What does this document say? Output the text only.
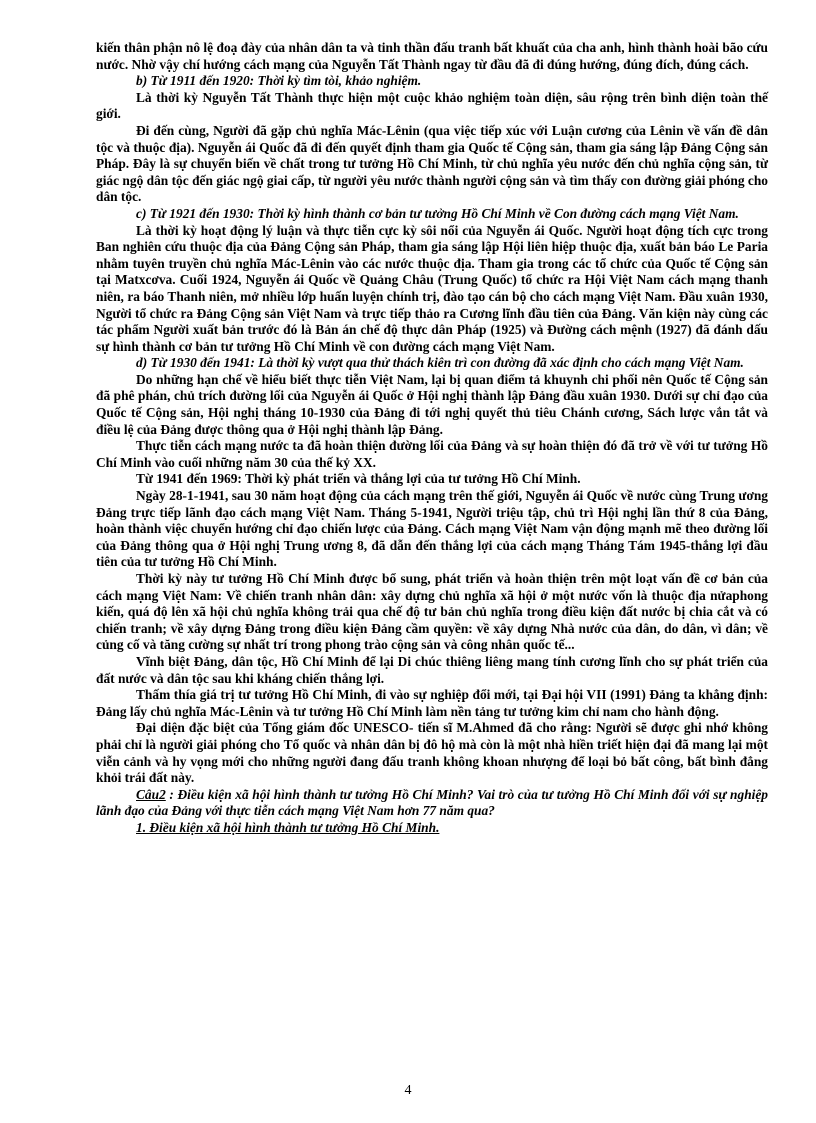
kiến thân phận nô lệ đoạ đày của nhân dân ta và tinh thần đấu tranh bất khuất của cha anh, hình thành hoài bão cứu nước. Nhờ vậy chí hướng cách mạng của Nguyễn Tất Thành ngay từ đầu đã đi đúng hướng, đúng đích, đúng cách.

b) Từ 1911 đến 1920: Thời kỳ tìm tòi, khảo nghiệm.

Là thời kỳ Nguyễn Tất Thành thực hiện một cuộc khảo nghiệm toàn diện, sâu rộng trên bình diện toàn thế giới.

Đi đến cùng, Người đã gặp chủ nghĩa Mác-Lênin (qua việc tiếp xúc với Luận cương của Lênin về vấn đề dân tộc và thuộc địa). Nguyễn ái Quốc đã đi đến quyết định tham gia Quốc tế Cộng sản, tham gia sáng lập Đảng Cộng sản Pháp. Đây là sự chuyển biến về chất trong tư tưởng Hồ Chí Minh, từ chủ nghĩa yêu nước đến chủ nghĩa cộng sản, từ giác ngộ dân tộc đến giác ngộ giai cấp, từ người yêu nước thành người cộng sản và tìm thấy con đường giải phóng cho dân tộc.

c) Từ 1921 đến 1930: Thời kỳ hình thành cơ bản tư tưởng Hồ Chí Minh về Con đường cách mạng Việt Nam.

Là thời kỳ hoạt động lý luận và thực tiễn cực kỳ sôi nổi của Nguyễn ái Quốc. Người hoạt động tích cực trong Ban nghiên cứu thuộc địa của Đảng Cộng sản Pháp, tham gia sáng lập Hội liên hiệp thuộc địa, xuất bản báo Le Paria nhằm tuyên truyền chủ nghĩa Mác-Lênin vào các nước thuộc địa. Tham gia trong các tổ chức của Quốc tế Cộng sản tại Matxcơva. Cuối 1924, Nguyễn ái Quốc về Quảng Châu (Trung Quốc) tổ chức ra Hội Việt Nam cách mạng thanh niên, ra báo Thanh niên, mở nhiều lớp huấn luyện chính trị, đào tạo cán bộ cho cách mạng Việt Nam. Đầu xuân 1930, Người tổ chức ra Đảng Cộng sản Việt Nam và trực tiếp thảo ra Cương lĩnh đầu tiên của Đảng. Văn kiện này cùng các tác phẩm Người xuất bản trước đó là Bản án chế độ thực dân Pháp (1925) và Đường cách mệnh (1927) đã đánh dấu sự hình thành cơ bản tư tưởng Hồ Chí Minh về con đường cách mạng Việt Nam.

d) Từ 1930 đến 1941: Là thời kỳ vượt qua thử thách kiên trì con đường đã xác định cho cách mạng Việt Nam.

Do những hạn chế về hiểu biết thực tiễn Việt Nam, lại bị quan điểm tả khuynh chi phối nên Quốc tế Cộng sản đã phê phán, chủ trích đường lối của Nguyễn ái Quốc ở Hội nghị thành lập Đảng đầu xuân 1930. Dưới sự chỉ đạo của Quốc tế Cộng sản, Hội nghị tháng 10-1930 của Đảng đi tới nghị quyết thủ tiêu Chánh cương, Sách lược vắn tắt và điều lệ của Đảng được thông qua ở Hội nghị thành lập Đảng.

Thực tiễn cách mạng nước ta đã hoàn thiện đường lối của Đảng và sự hoàn thiện đó đã trở về với tư tưởng Hồ Chí Minh vào cuối những năm 30 của thế kỷ XX.

Từ 1941 đến 1969: Thời kỳ phát triển và thắng lợi của tư tưởng Hồ Chí Minh.

Ngày 28-1-1941, sau 30 năm hoạt động của cách mạng trên thế giới, Nguyễn ái Quốc về nước cùng Trung ương Đảng trực tiếp lãnh đạo cách mạng Việt Nam. Tháng 5-1941, Người triệu tập, chủ trì Hội nghị lần thứ 8 của Đảng, hoàn thành việc chuyển hướng chỉ đạo chiến lược của Đảng. Cách mạng Việt Nam vận động mạnh mẽ theo đường lối của Đảng thông qua ở Hội nghị Trung ương 8, đã dẫn đến thắng lợi của cách mạng Tháng Tám 1945-thắng lợi đầu tiên của tư tưởng Hồ Chí Minh.

Thời kỳ này tư tưởng Hồ Chí Minh được bổ sung, phát triển và hoàn thiện trên một loạt vấn đề cơ bản của cách mạng Việt Nam: Về chiến tranh nhân dân: xây dựng chủ nghĩa xã hội ở một nước vốn là thuộc địa nửaphong kiến, quá độ lên xã hội chủ nghĩa không trải qua chế độ tư bản chủ nghĩa trong điều kiện đất nước bị chia cắt và có chiến tranh; về xây dựng Đảng trong điều kiện Đảng cầm quyền: về xây dựng Nhà nước của dân, do dân, vì dân; về củng cố và tăng cường sự nhất trí trong phong trào cộng sản và công nhân quốc tế...

Vĩnh biệt Đảng, dân tộc, Hồ Chí Minh để lại Di chúc thiêng liêng mang tính cương lĩnh cho sự phát triển của đất nước và dân tộc sau khi kháng chiến thắng lợi.

Thấm thía giá trị tư tưởng Hồ Chí Minh, đi vào sự nghiệp đổi mới, tại Đại hội VII (1991) Đảng ta khẳng định: Đảng lấy chủ nghĩa Mác-Lênin và tư tưởng Hồ Chí Minh làm nền tảng tư tưởng kim chỉ nam cho hành động.

Đại diện đặc biệt của Tổng giám đốc UNESCO- tiến sĩ M.Ahmed đã cho rằng: Người sẽ được ghi nhớ không phải chỉ là người giải phóng cho Tổ quốc và nhân dân bị đô hộ mà còn là một nhà hiền triết hiện đại đã mang lại một viễn cảnh và hy vọng mới cho những người đang đấu tranh không khoan nhượng để loại bỏ bất công, bất bình đẳng khỏi trái đất này.

Câu2 : Điều kiện xã hội hình thành tư tưởng Hồ Chí Minh? Vai trò của tư tưởng Hồ Chí Minh đối với sự nghiệp lãnh đạo của Đảng với thực tiễn cách mạng Việt Nam hơn 77 năm qua?

1. Điều kiện xã hội hình thành tư tưởng Hồ Chí Minh.

4
